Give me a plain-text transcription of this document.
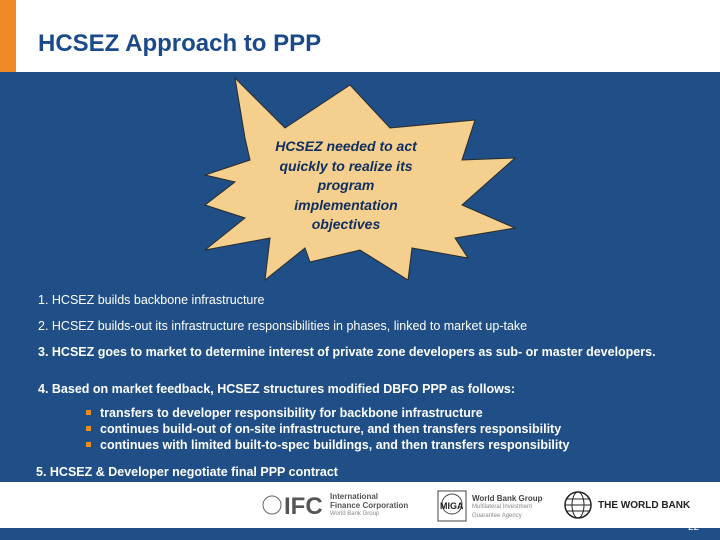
HCSEZ Approach to PPP
HCSEZ needed to act
quickly to realize its
program
implementation
objectives
1. HCSEZ builds backbone infrastructure
2. HCSEZ builds-out its infrastructure responsibilities in phases, linked to market up-take
3. HCSEZ goes to market to determine interest of private zone developers as sub- or master developers.
4. Based on market feedback, HCSEZ structures modified DBFO PPP as follows:
transfers to developer responsibility for backbone infrastructure
continues build-out of on-site infrastructure, and then transfers responsibility
continues with limited built-to-spec buildings, and then transfers responsibility
5. HCSEZ & Developer negotiate final PPP contract
IFC International
Finance Corporation
World Bank Group
MIGA
World Bank Group
Multilateral Investment
Guarantee Agency
THE WORLD BANK
22
